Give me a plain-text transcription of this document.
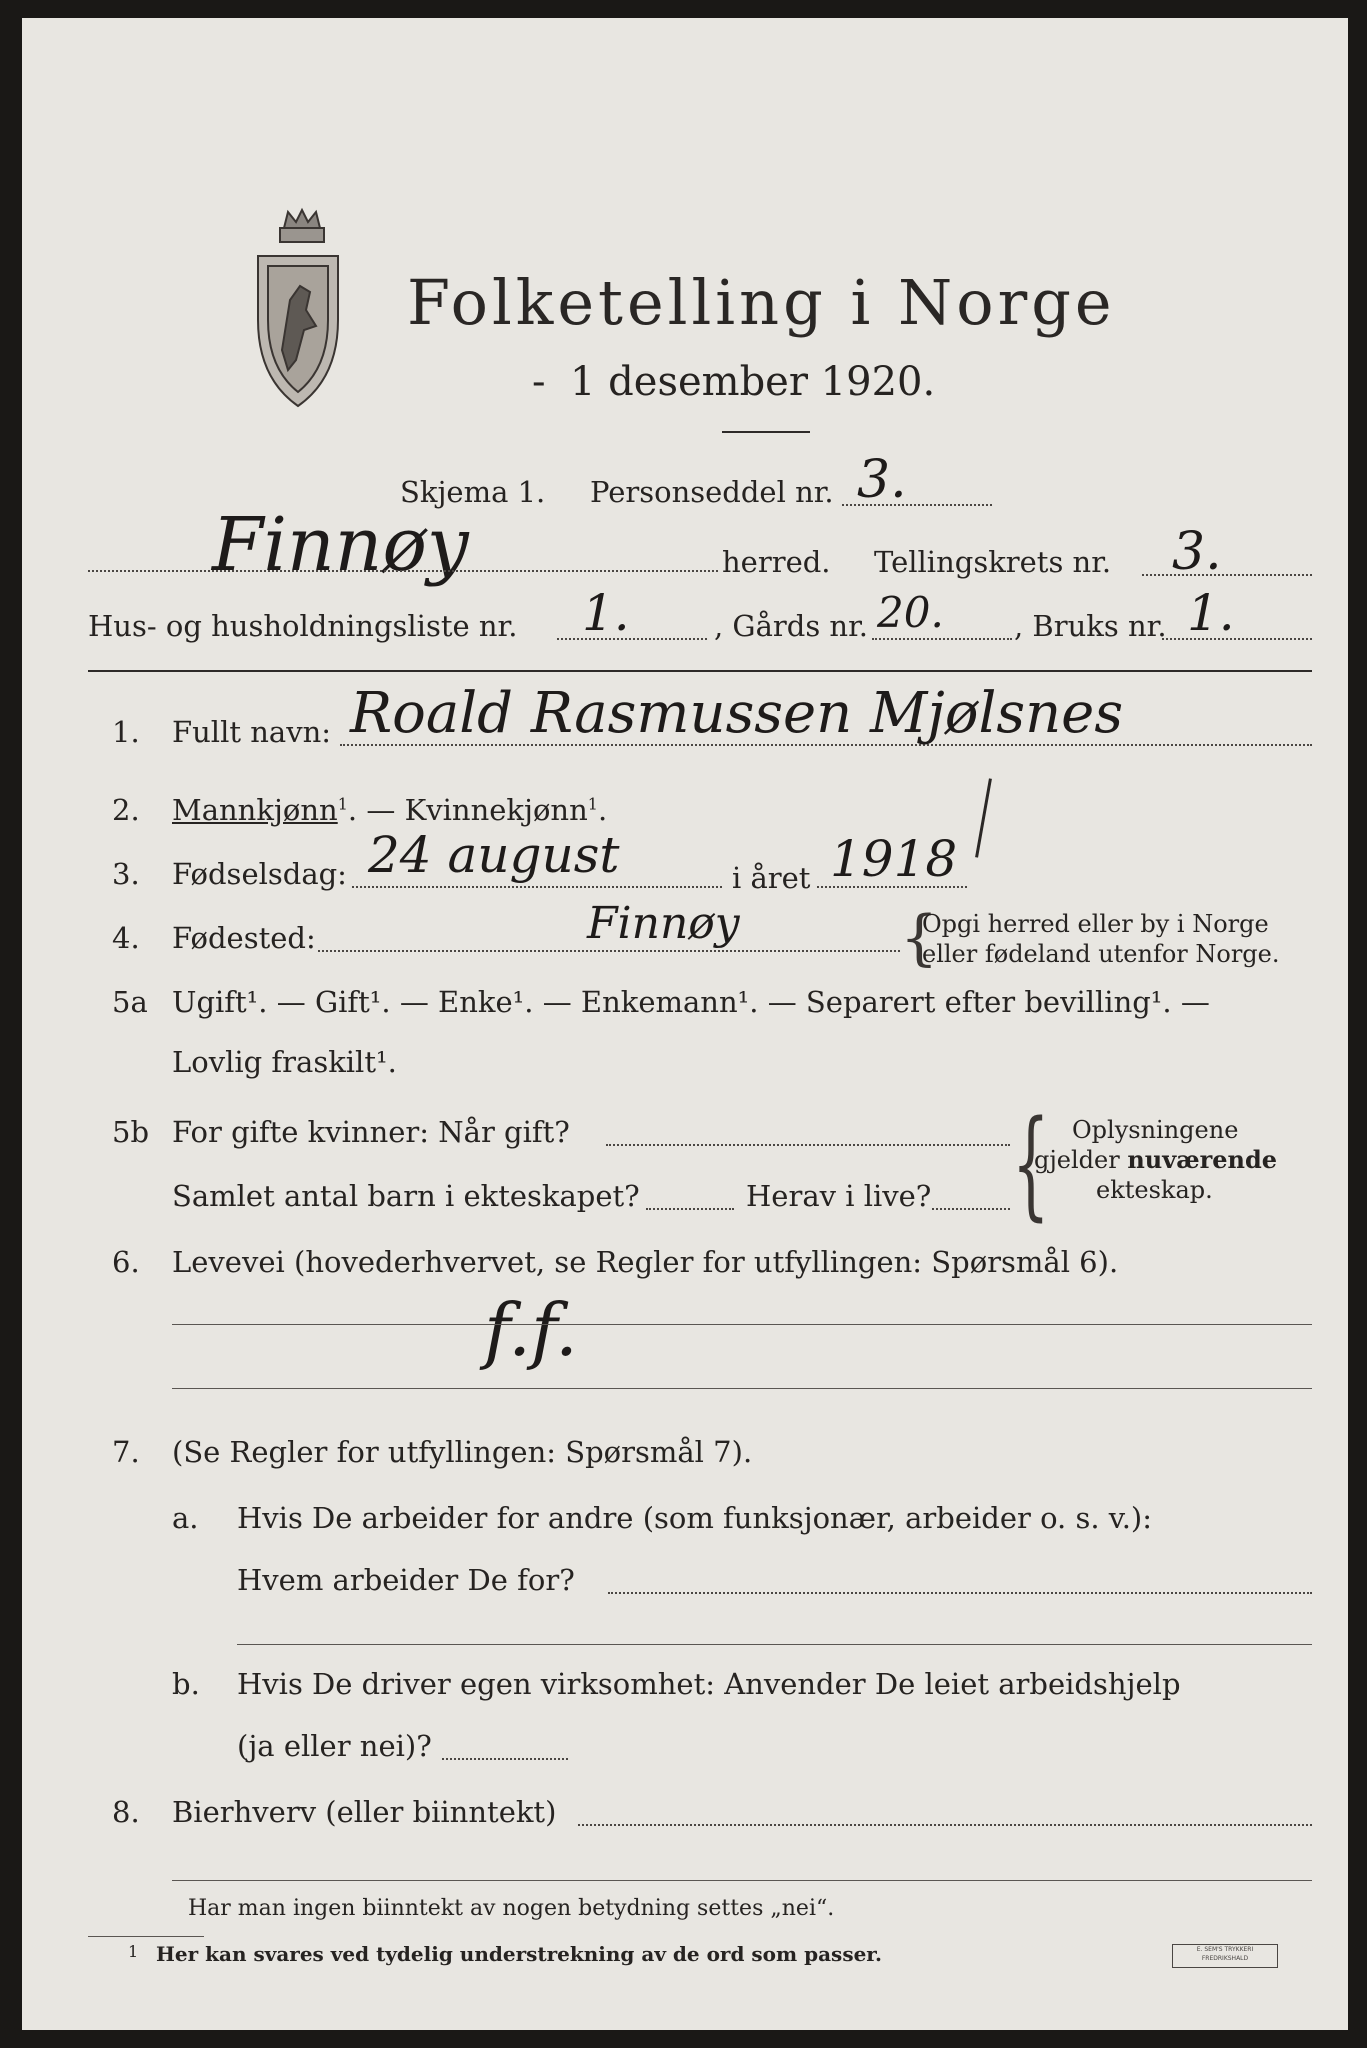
Folketelling i Norge
1 desember 1920.
-
Skjema 1. Personseddel nr. 3.
Finnøy	herred. Tellingskrets nr. 3.
Hus- og husholdningsliste nr. 1.	, Gårds nr. 20. , Bruks nr. 1.
1. Fullt navn: Roald Rasmussen Mjølsnes
2. Mannkjønn$^1$. — Kvinnekjønn$^1$.
3. Fødselsdag: 24 august	i året 1918
4. Fødested:	Finnøy	{
Opgi herred eller by i Norge
eller fødeland utenfor Norge.
5a Ugift¹. — Gift¹. — Enke¹. — Enkemann¹. — Separert efter bevilling¹. —
Lovlig fraskilt¹.
5b For gifte kvinner: Når gift?
Samlet antal barn i ekteskapet?	Herav i live? { Oplysningene
gjelder nuværende
ekteskap.
6. Levevei (hovederhvervet, se Regler for utfyllingen: Spørsmål 6).
f.f.
7. (Se Regler for utfyllingen: Spørsmål 7).
a. Hvis De arbeider for andre (som funksjonær, arbeider o. s. v.):
Hvem arbeider De for?
b. Hvis De driver egen virksomhet: Anvender De leiet arbeidshjelp
(ja eller nei)?
8. Bierhverv (eller biinntekt)
Har man ingen biinntekt av nogen betydning settes „nei“.
1 Her kan svares ved tydelig understrekning av de ord som passer.	E. SEM'S TRYKKERI FREDRIKSHALD
